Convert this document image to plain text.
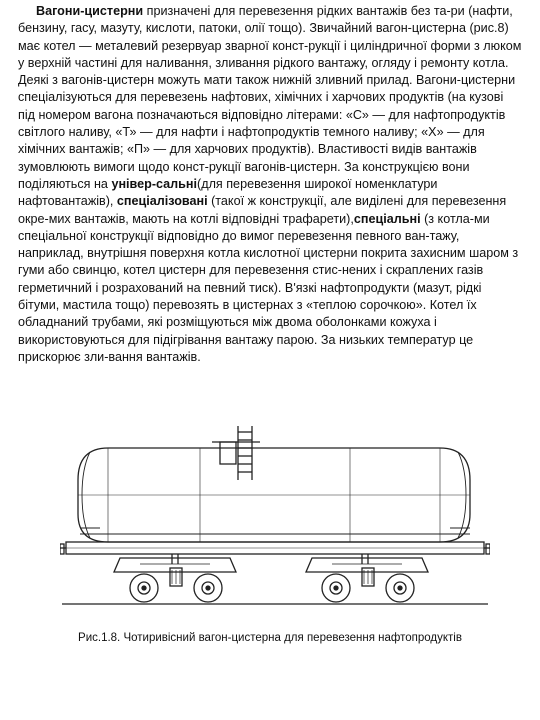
Вагони-цистерни призначені для перевезення рідких вантажів без та-ри (нафти, бензину, гасу, мазуту, кислоти, патоки, олії тощо). Звичайний вагон-цистерна (рис.8) має котел — металевий резервуар зварної конст-рукції і циліндричної форми з люком у верхній частині для наливання, зливання рідкого вантажу, огляду і ремонту котла. Деякі з вагонів-цистерн можуть мати також нижній зливний прилад. Вагони-цистерни спеціалізуються для перевезень нафтових, хімічних і харчових продуктів (на кузові під номером вагона позначаються відповідно літерами: «С» — для нафтопродуктів світлого наливу, «Т» — для нафти і нафтопродуктів темного наливу; «Х» — для хімічних вантажів; «П» — для харчових продуктів). Властивості видів вантажів зумовлюють вимоги щодо конст-рукції вагонів-цистерн. За конструкцією вони поділяються на універ-сальні(для перевезення широкої номенклатури нафтовантажів), спеціалізовані (такої ж конструкції, але виділені для перевезення окре-мих вантажів, мають на котлі відповідні трафарети),спеціальні (з котла-ми спеціальної конструкції відповідно до вимог перевезення певного ван-тажу, наприклад, внутрішня поверхня котла кислотної цистерни покрита захисним шаром з гуми або свинцю, котел цистерн для перевезення стис-нених і скраплених газів герметичний і розрахований на певний тиск). В'язкі нафтопродукти (мазут, рідкі бітуми, мастила тощо) перевозять в цистернах з «теплою сорочкою». Котел їх обладнаний трубами, які розміщуються між двома оболонками кожуха і використовуються для підігрівання вантажу парою. За низьких температур це прискорює зли-вання вантажів.

Рис.1.8. Чотиривісний вагон-цистерна для перевезення нафтопродуктів
